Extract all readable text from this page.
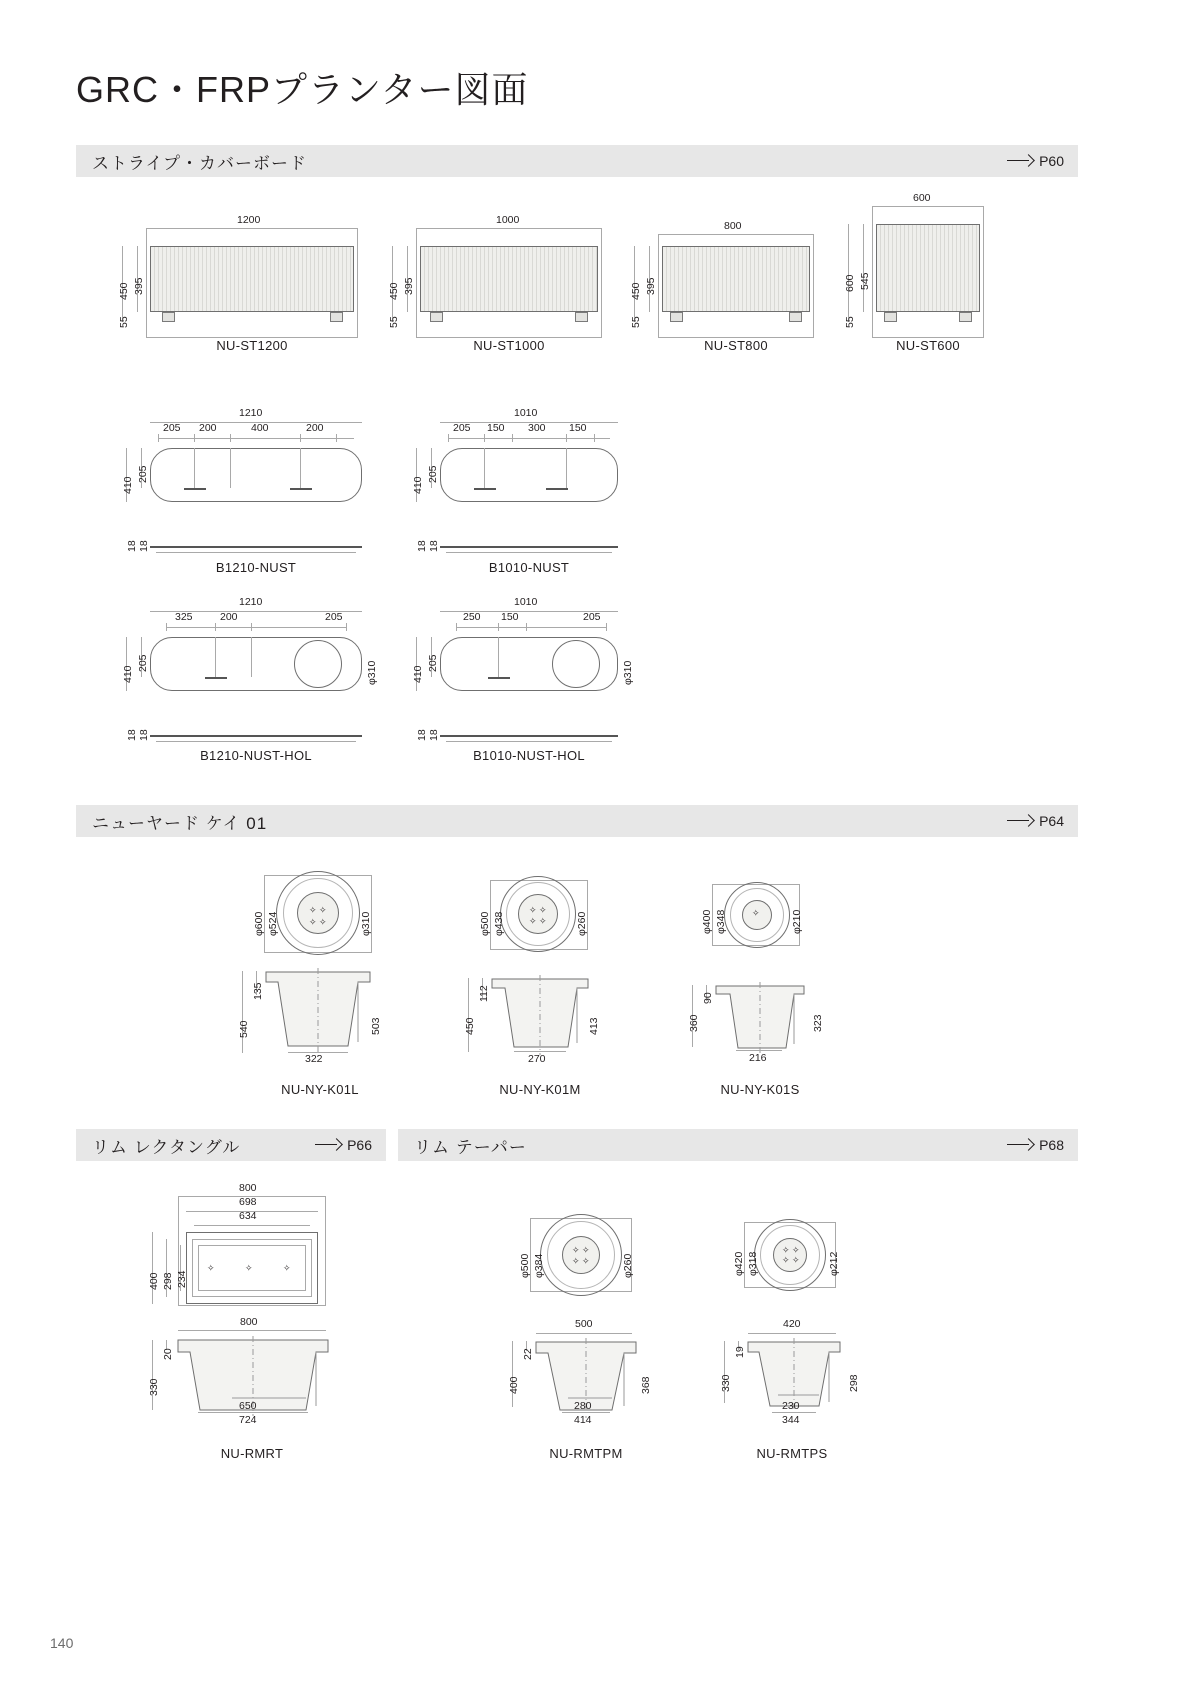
GRC・FRPプランター図面
ストライプ・カバーボード	P60
1200
450 395
55
NU-ST1200
1000
450 395
55
NU-ST1000
800
450 395
55
NU-ST800
600
600 545
55
NU-ST600
1210
205 200	400	200
410
205
18 18
B1210-NUST
1010
205 150 300 150
410
205
18 18
B1010-NUST
1210
325	200	205
410
205	φ310
18 18
B1210-NUST-HOL
1010
250 150	205
410
205	φ310
18 18
B1010-NUST-HOL
ニューヤード ケイ 01	P64
✧ ✧
✧ ✧
φ600 φ524	φ310
540
135
503
322
NU-NY-K01L
✧ ✧
✧ ✧
φ500 φ438	φ260
450
112
413
270
NU-NY-K01M
✧
φ400 φ348	φ210
360
90
323
216
NU-NY-K01S
リム レクタングル	P66 リム テーパー	P68
800
698
634
✧	✧	✧
400 298 234
800
330
20
650
724
NU-RMRT
✧ ✧
✧ ✧
φ500 φ384	φ260
500
400
22
368
280
414
NU-RMTPM
✧ ✧
✧ ✧
φ420 φ318	φ212
420
330
19
298
230
344
NU-RMTPS
140
